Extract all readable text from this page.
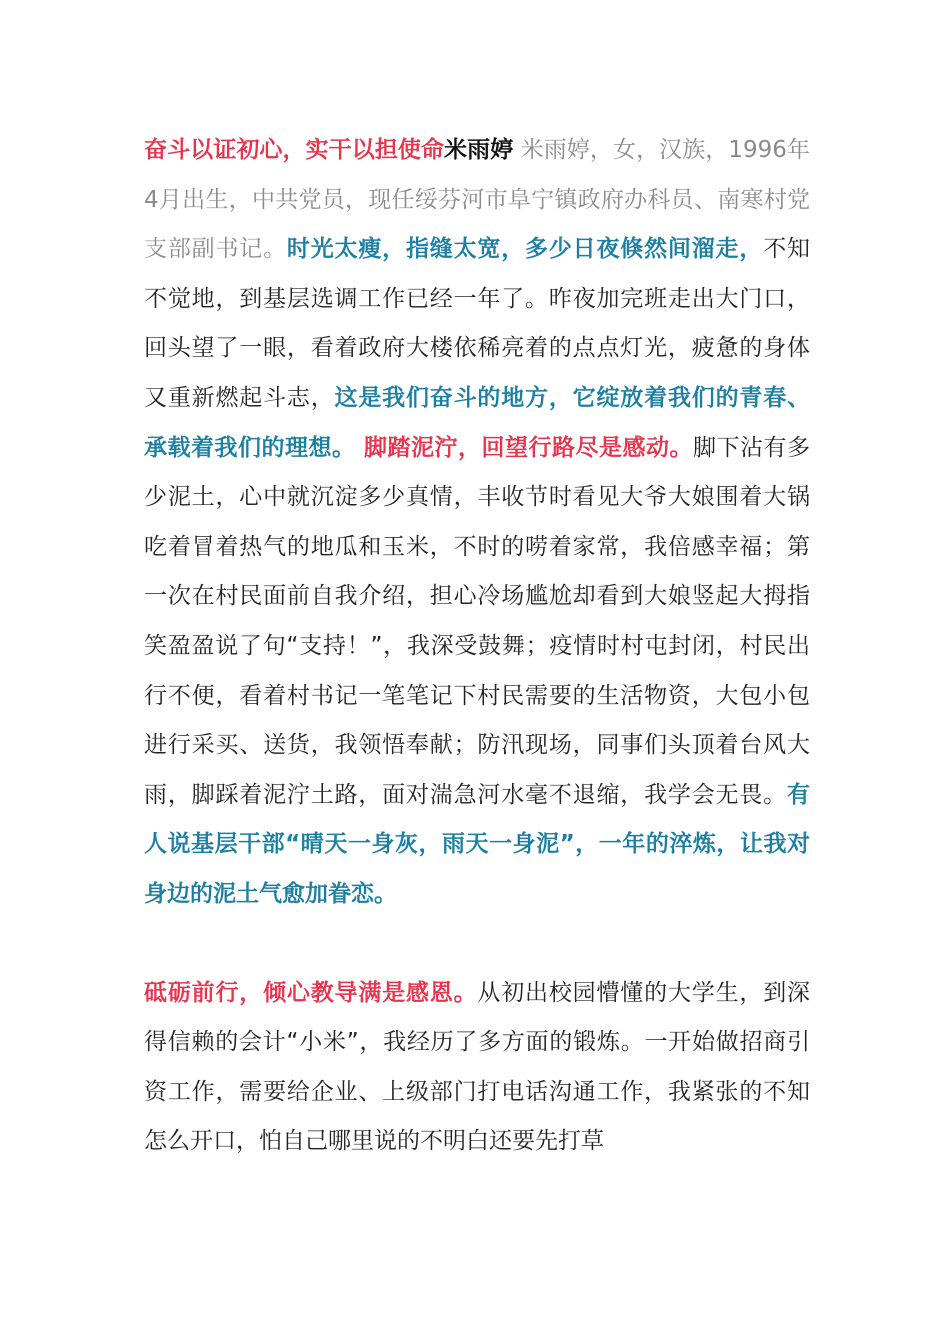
奋斗以证初心，实干以担使命米雨婷 米雨婷，女，汉族，1996年4月出生，中共党员，现任绥芬河市阜宁镇政府办科员、南寒村党支部副书记。时光太瘦，指缝太宽，多少日夜倏然间溜走，不知不觉地，到基层选调工作已经一年了。昨夜加完班走出大门口，回头望了一眼，看着政府大楼依稀亮着的点点灯光，疲惫的身体又重新燃起斗志，这是我们奋斗的地方，它绽放着我们的青春、承载着我们的理想。 脚踏泥泞，回望行路尽是感动。脚下沾有多少泥土，心中就沉淀多少真情，丰收节时看见大爷大娘围着大锅吃着冒着热气的地瓜和玉米，不时的唠着家常，我倍感幸福；第一次在村民面前自我介绍，担心冷场尴尬却看到大娘竖起大拇指笑盈盈说了句“支持！”，我深受鼓舞；疫情时村屯封闭，村民出行不便，看着村书记一笔笔记下村民需要的生活物资，大包小包进行采买、送货，我领悟奉献；防汛现场，同事们头顶着台风大雨，脚踩着泥泞土路，面对湍急河水毫不退缩，我学会无畏。有人说基层干部“晴天一身灰，雨天一身泥”，一年的淬炼，让我对身边的泥土气愈加眷恋。

砥砺前行，倾心教导满是感恩。从初出校园懵懂的大学生，到深得信赖的会计“小米”，我经历了多方面的锻炼。一开始做招商引资工作，需要给企业、上级部门打电话沟通工作，我紧张的不知怎么开口，怕自己哪里说的不明白还要先打草
